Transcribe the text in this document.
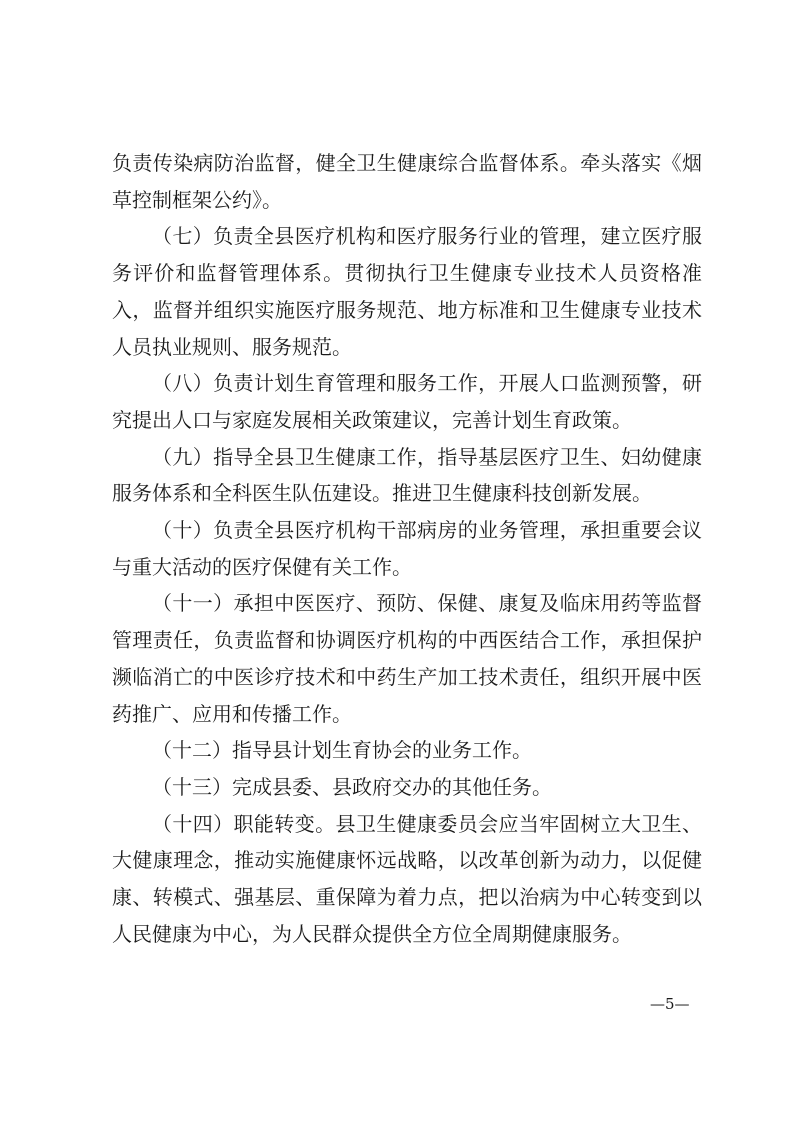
负责传染病防治监督，健全卫生健康综合监督体系。牵头落实《烟草控制框架公约》。

（七）负责全县医疗机构和医疗服务行业的管理，建立医疗服务评价和监督管理体系。贯彻执行卫生健康专业技术人员资格准入，监督并组织实施医疗服务规范、地方标准和卫生健康专业技术人员执业规则、服务规范。

（八）负责计划生育管理和服务工作，开展人口监测预警，研究提出人口与家庭发展相关政策建议，完善计划生育政策。

（九）指导全县卫生健康工作，指导基层医疗卫生、妇幼健康服务体系和全科医生队伍建设。推进卫生健康科技创新发展。

（十）负责全县医疗机构干部病房的业务管理，承担重要会议与重大活动的医疗保健有关工作。

（十一）承担中医医疗、预防、保健、康复及临床用药等监督管理责任，负责监督和协调医疗机构的中西医结合工作，承担保护濒临消亡的中医诊疗技术和中药生产加工技术责任，组织开展中医药推广、应用和传播工作。

（十二）指导县计划生育协会的业务工作。

（十三）完成县委、县政府交办的其他任务。

（十四）职能转变。县卫生健康委员会应当牢固树立大卫生、大健康理念，推动实施健康怀远战略，以改革创新为动力，以促健康、转模式、强基层、重保障为着力点，把以治病为中心转变到以人民健康为中心，为人民群众提供全方位全周期健康服务。

—5—
